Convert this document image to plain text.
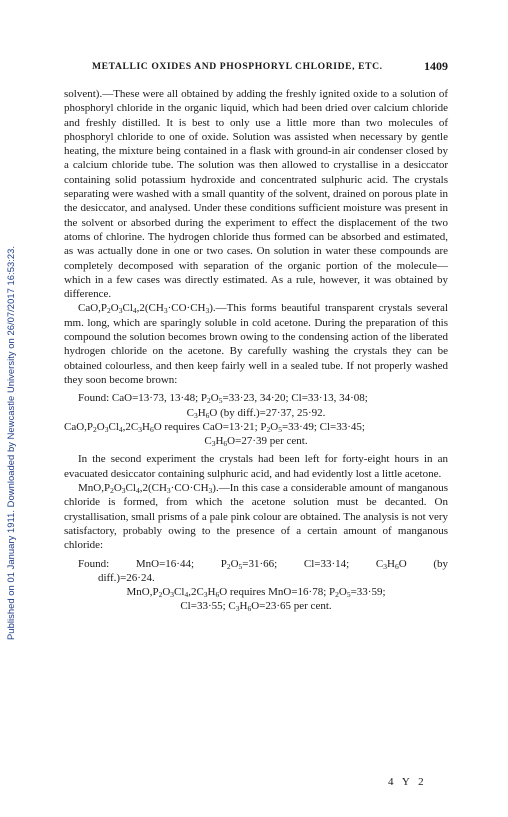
Published on 01 January 1911. Downloaded by Newcastle University on 26/07/2017 16:53:23.
METALLIC OXIDES AND PHOSPHORYL CHLORIDE, ETC.	1409

solvent).—These were all obtained by adding the freshly ignited oxide to a solution of phosphoryl chloride in the organic liquid, which had been dried over calcium chloride and freshly distilled. It is best to only use a little more than two molecules of phosphoryl chloride to one of oxide. Solution was assisted when necessary by gentle heating, the mixture being contained in a flask with ground-in air condenser closed by a calcium chloride tube. The solution was then allowed to crystallise in a desiccator containing solid potassium hydroxide and concentrated sulphuric acid. The crystals separating were washed with a small quantity of the solvent, drained on porous plate in the desiccator, and analysed. Under these conditions sufficient moisture was present in the solvent or absorbed during the experiment to effect the displacement of the two atoms of chlorine. The hydrogen chloride thus formed can be absorbed and estimated, as was actually done in one or two cases. On solution in water these compounds are completely decomposed with separation of the organic portion of the molecule—which in a few cases was directly estimated. As a rule, however, it was obtained by difference.

$CaO,P_2O_3Cl_4,2(CH_3\cdot CO\cdot CH_3).—This$ forms beautiful transparent crystals several mm. long, which are sparingly soluble in cold acetone. During the preparation of this compound the solution becomes brown owing to the condensing action of the liberated hydrogen chloride on the acetone. By carefully washing the crystals they can be obtained colourless, and then keep fairly well in a sealed tube. If not properly washed they soon become brown:

Found: CaO=13·73, 13·48; $P_2O_5=33\cdot 23$, 34·20; Cl=33·13, 34·08;

$C_3H_6O$ (by diff.)=27·37, 25·92.

$CaO,P_2O_3Cl_4,2C_3H_6O$ requires CaO=13·21; $P_2O_5=33\cdot 49$; Cl=33·45;

$C_3H_6O=27\cdot 39$ per cent.

In the second experiment the crystals had been left for forty-eight hours in an evacuated desiccator containing sulphuric acid, and had evidently lost a little acetone.

$MnO,P_2O_3Cl_4,2(CH_3\cdot CO\cdot CH_3).—In$ this case a considerable amount of manganous chloride is formed, from which the acetone solution must be decanted. On crystallisation, small prisms of a pale pink colour are obtained. The analysis is not very satisfactory, probably owing to the presence of a certain amount of manganous chloride:

Found: MnO=16·44; $P_2O_5=31\cdot 66$; Cl=33·14; $C_3H_6O$ (by

diff.)=26·24.

$MnO,P_2O_3Cl_4,2C_3H_6O$ requires MnO=16·78; $P_2O_5=33\cdot 59$;

Cl=33·55; $C_3H_6O=23\cdot 65$ per cent.

4 Y 2
